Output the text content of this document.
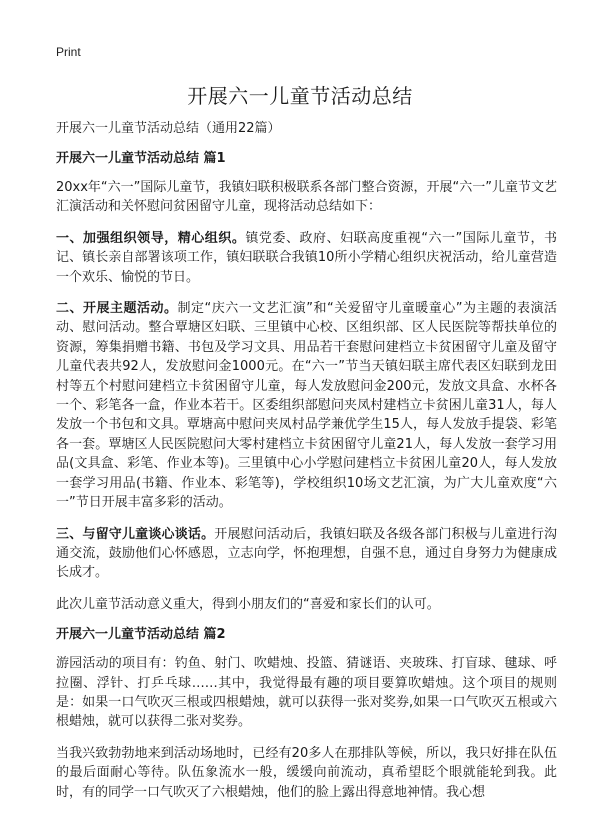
Print
开展六一儿童节活动总结
开展六一儿童节活动总结（通用22篇）
开展六一儿童节活动总结 篇1

20xx年“六一”国际儿童节，我镇妇联积极联系各部门整合资源，开展“六一”儿童节文艺汇演活动和关怀慰问贫困留守儿童，现将活动总结如下：

一、加强组织领导，精心组织。镇党委、政府、妇联高度重视“六一”国际儿童节，书记、镇长亲自部署该项工作，镇妇联联合我镇10所小学精心组织庆祝活动，给儿童营造一个欢乐、愉悦的节日。

二、开展主题活动。制定“庆六一文艺汇演”和“关爱留守儿童暖童心”为主题的表演活动、慰问活动。整合覃塘区妇联、三里镇中心校、区组织部、区人民医院等帮扶单位的资源，筹集捐赠书籍、书包及学习文具、用品若干套慰问建档立卡贫困留守儿童及留守儿童代表共92人，发放慰问金1000元。在“六一”节当天镇妇联主席代表区妇联到龙田村等五个村慰问建档立卡贫困留守儿童，每人发放慰问金200元，发放文具盒、水杯各一个、彩笔各一盒，作业本若干。区委组织部慰问夹凤村建档立卡贫困儿童31人，每人发放一个书包和文具。覃塘高中慰问夹凤村品学兼优学生15人，每人发放手提袋、彩笔各一套。覃塘区人民医院慰问大零村建档立卡贫困留守儿童21人，每人发放一套学习用品(文具盒、彩笔、作业本等)。三里镇中心小学慰问建档立卡贫困儿童20人，每人发放一套学习用品(书籍、作业本、彩笔等)，学校组织10场文艺汇演，为广大儿童欢度“六一”节日开展丰富多彩的活动。

三、与留守儿童谈心谈话。开展慰问活动后，我镇妇联及各级各部门积极与儿童进行沟通交流，鼓励他们心怀感恩，立志向学，怀抱理想，自强不息，通过自身努力为健康成长成才。

此次儿童节活动意义重大，得到小朋友们的“喜爱和家长们的认可。

开展六一儿童节活动总结 篇2

游园活动的项目有：钓鱼、射门、吹蜡烛、投篮、猜谜语、夹玻珠、打盲球、毽球、呼拉圈、浮针、打乒乓球……其中，我觉得最有趣的项目要算吹蜡烛。这个项目的规则是：如果一口气吹灭三根或四根蜡烛，就可以获得一张对奖券,如果一口气吹灭五根或六根蜡烛，就可以获得二张对奖券。

当我兴致勃勃地来到活动场地时，已经有20多人在那排队等候，所以，我只好排在队伍的最后面耐心等待。队伍象流水一般，缓缓向前流动，真希望眨个眼就能轮到我。此时，有的同学一口气吹灭了六根蜡烛，他们的脸上露出得意地神情。我心想
